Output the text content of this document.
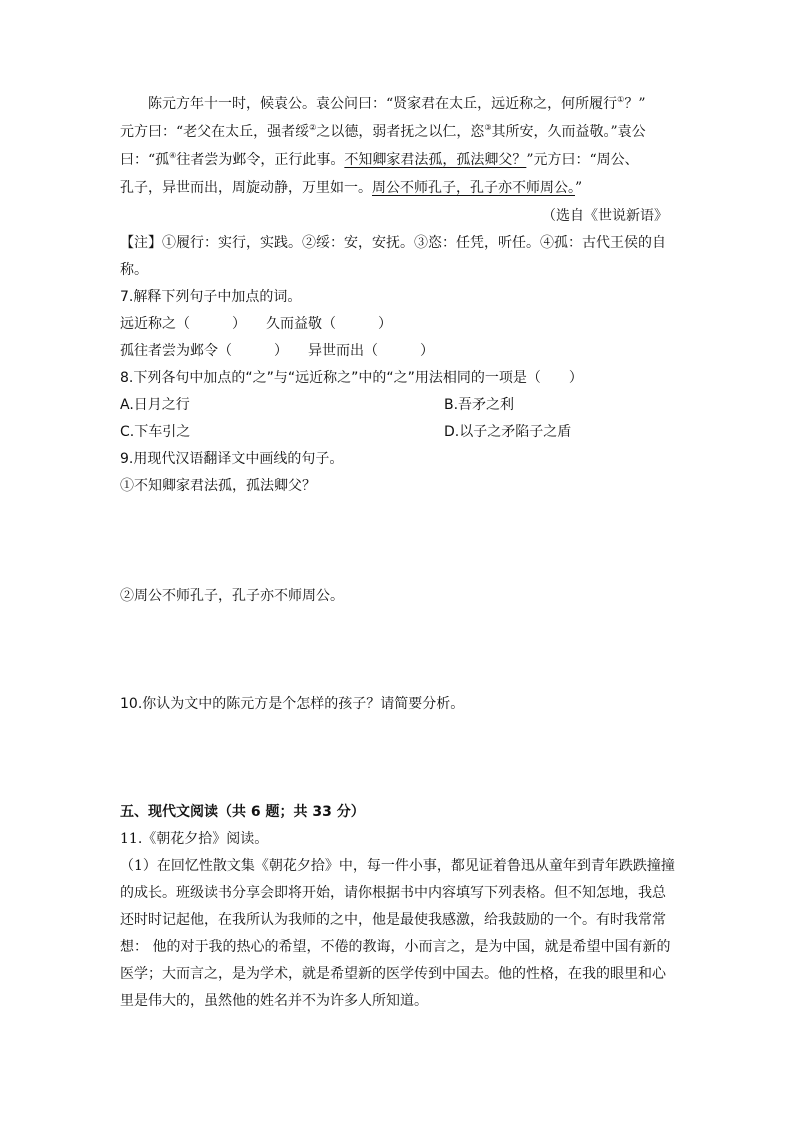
陈元方年十一时，候袁公。袁公问曰：“贤家君在太丘，远近称之，何所履行①？”
元方曰：“老父在太丘，强者绥②之以德，弱者抚之以仁，恣③其所安，久而益敬。”袁公
曰：“孤④往者尝为邺令，正行此事。不知卿家君法孤，孤法卿父？”元方曰：“周公、
孔子，异世而出，周旋动静，万里如一。周公不师孔子，孔子亦不师周公。”
（选自《世说新语》
【注】①履行：实行，实践。②绥：安，安抚。③恣：任凭，听任。④孤：古代王侯的自
称。
7.解释下列句子中加点的词。
远近称之（　　　） 久而益敬（　　　）
孤往者尝为邺令（　　　） 异世而出（　　　）
8.下列各句中加点的“之”与“远近称之”中的“之”用法相同的一项是（　　）
A.日月之行	B.吾矛之利
C.下车引之	D.以子之矛陷子之盾
9.用现代汉语翻译文中画线的句子。
①不知卿家君法孤，孤法卿父？
②周公不师孔子，孔子亦不师周公。
10.你认为文中的陈元方是个怎样的孩子？请简要分析。
五、现代文阅读（共 6 题；共 33 分）
11.《朝花夕拾》阅读。
（1）在回忆性散文集《朝花夕拾》中，每一件小事，都见证着鲁迅从童年到青年跌跌撞撞
的成长。班级读书分享会即将开始，请你根据书中内容填写下列表格。但不知怎地，我总
还时时记起他，在我所认为我师的之中，他是最使我感激，给我鼓励的一个。有时我常常
想： 他的对于我的热心的希望，不倦的教诲，小而言之，是为中国，就是希望中国有新的
医学；大而言之，是为学术，就是希望新的医学传到中国去。他的性格，在我的眼里和心
里是伟大的，虽然他的姓名并不为许多人所知道。
